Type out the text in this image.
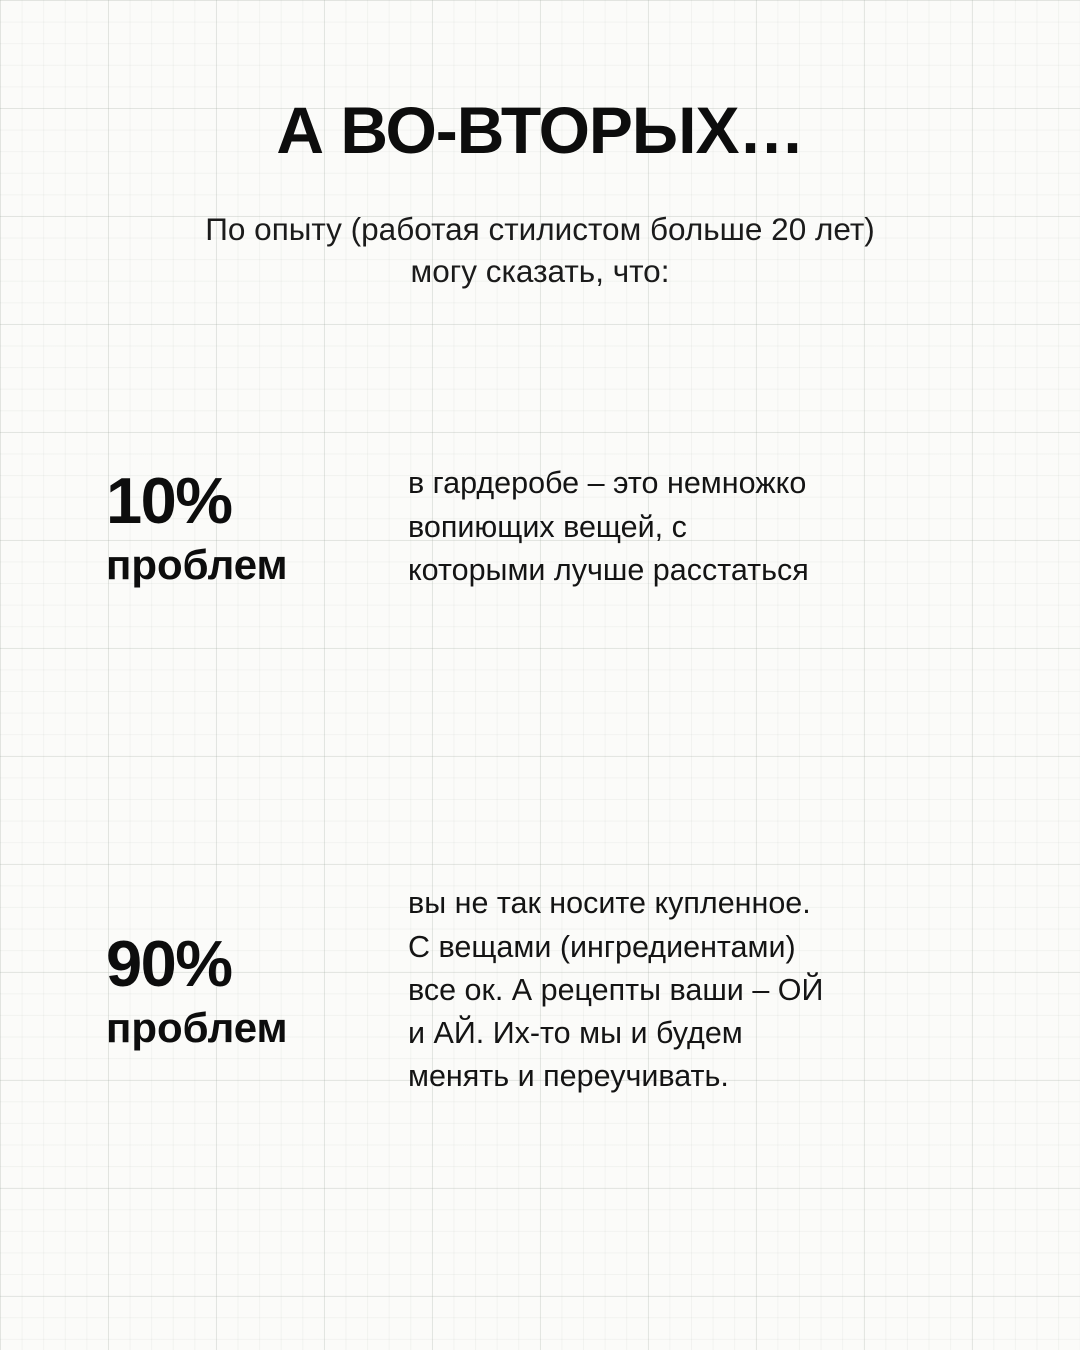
А ВО-ВТОРЫХ…
По опыту (работая стилистом больше 20 лет)
могу сказать, что:
10%
проблем
в гардеробе – это немножко
вопиющих вещей, с
которыми лучше расстаться
90%
проблем
вы не так носите купленное.
С вещами (ингредиентами)
все ок. А рецепты ваши – ОЙ
и АЙ. Их-то мы и будем
менять и переучивать.
